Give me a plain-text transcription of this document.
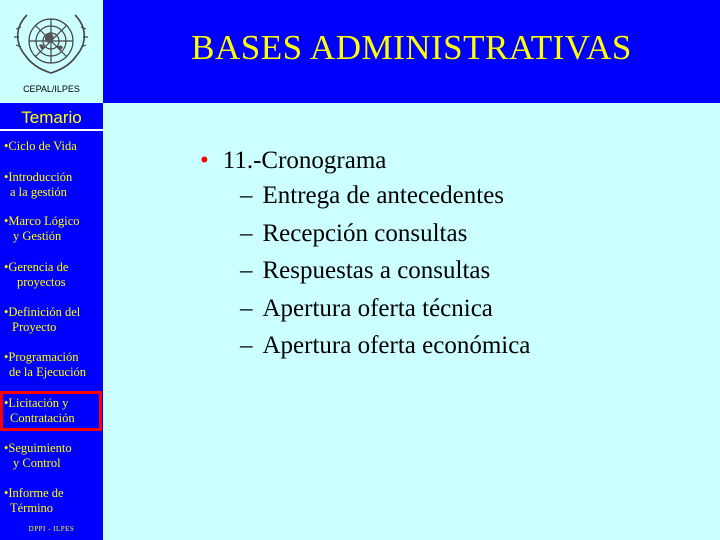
CEPAL/ILPES
BASES ADMINISTRATIVAS
Temario
•Ciclo de Vida
•Introducción
a la gestión
•Marco Lógico
y Gestión
•Gerencia de
proyectos
•Definición del
Proyecto
•Programación
de la Ejecución
•Licitación y
Contratación
•Seguimiento
y Control
•Informe de
Término
DPPI - ILPES
• 11.-Cronograma
– Entrega de antecedentes
– Recepción consultas
– Respuestas a consultas
– Apertura oferta técnica
– Apertura oferta económica
